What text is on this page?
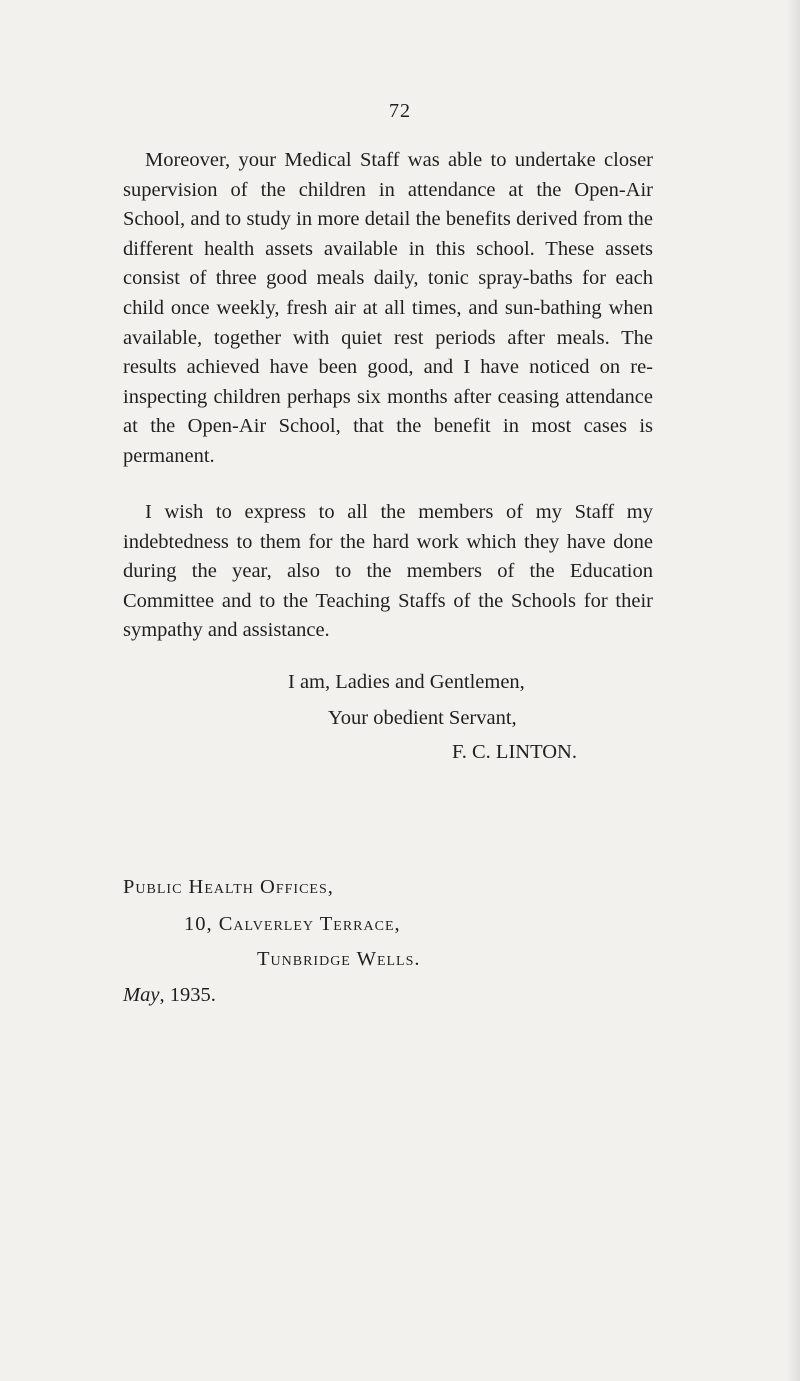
72

Moreover, your Medical Staff was able to undertake closer supervision of the children in attendance at the Open-Air School, and to study in more detail the benefits derived from the different health assets available in this school. These assets consist of three good meals daily, tonic spray-baths for each child once weekly, fresh air at all times, and sun-bathing when available, together with quiet rest periods after meals. The results achieved have been good, and I have noticed on re-inspecting children perhaps six months after ceasing attendance at the Open-Air School, that the benefit in most cases is permanent.

I wish to express to all the members of my Staff my indebtedness to them for the hard work which they have done during the year, also to the members of the Education Committee and to the Teaching Staffs of the Schools for their sympathy and assistance.

I am, Ladies and Gentlemen,
Your obedient Servant,
F. C. LINTON.
Public Health Offices,
10, Calverley Terrace,
Tunbridge Wells.
May, 1935.
